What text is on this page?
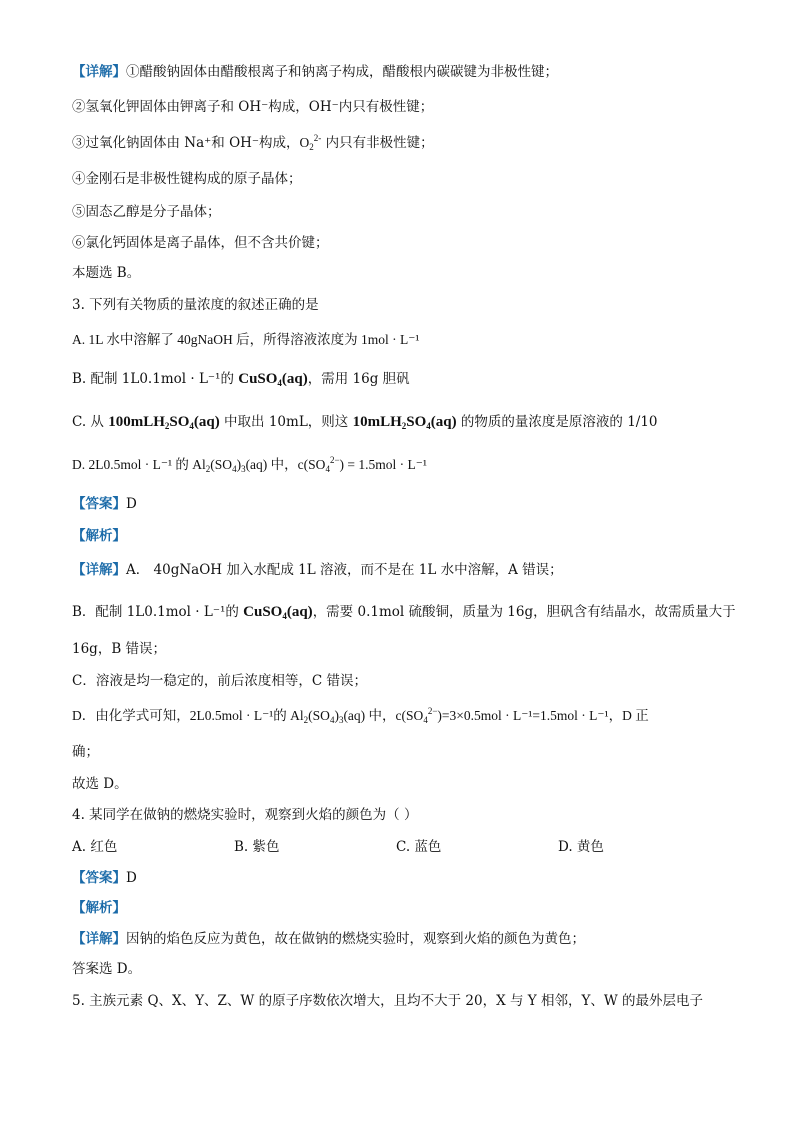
【详解】①醋酸钠固体由醋酸根离子和钠离子构成，醋酸根内碳碳键为非极性键；

②氢氧化钾固体由钾离子和 OH⁻构成，OH⁻内只有极性键；

③过氧化钠固体由 Na⁺和 OH⁻构成，$O_2^{2-}$ 内只有非极性键；

④金刚石是非极性键构成的原子晶体；

⑤固态乙醇是分子晶体；

⑥氯化钙固体是离子晶体，但不含共价键；

本题选 B。

3. 下列有关物质的量浓度的叙述正确的是

A. 1L 水中溶解了 40gNaOH 后，所得溶液浓度为 1mol · L⁻¹

B. 配制 1L0.1mol · L⁻¹的 CuSO$_4$(aq)，需用 16g 胆矾

C. 从 $100mLH_2SO_4(aq)$ 中取出 10mL，则这 $10mLH_2SO_4(aq)$ 的物质的量浓度是原溶液的 1/10

D. 2L0.5mol · L⁻¹ 的 $Al_2(SO_4)_3(aq)$ 中，$c(SO_4^{2-}) = 1.5mol \cdot L^{-1}$

【答案】D

【解析】

【详解】A． 40gNaOH 加入水配成 1L 溶液，而不是在 1L 水中溶解，A 错误；

B．配制 1L0.1mol · L⁻¹的 CuSO$_4$(aq)，需要 0.1mol 硫酸铜，质量为 16g，胆矾含有结晶水，故需质量大于

16g，B 错误；

C．溶液是均一稳定的，前后浓度相等，C 错误；

D．由化学式可知，2L0.5mol · L⁻¹的 $Al_2(SO_4)_3(aq)$ 中，$c(SO_4^{2-})=3\times 0.5mol \cdot L^{-1}=1.5mol \cdot L^{-1}$，D 正

确；

故选 D。

4. 某同学在做钠的燃烧实验时，观察到火焰的颜色为（ ）

A. 红色	B. 紫色	C. 蓝色	D. 黄色

【答案】D

【解析】

【详解】因钠的焰色反应为黄色，故在做钠的燃烧实验时，观察到火焰的颜色为黄色；

答案选 D。

5. 主族元素 Q、X、Y、Z、W 的原子序数依次增大，且均不大于 20，X 与 Y 相邻，Y、W 的最外层电子
